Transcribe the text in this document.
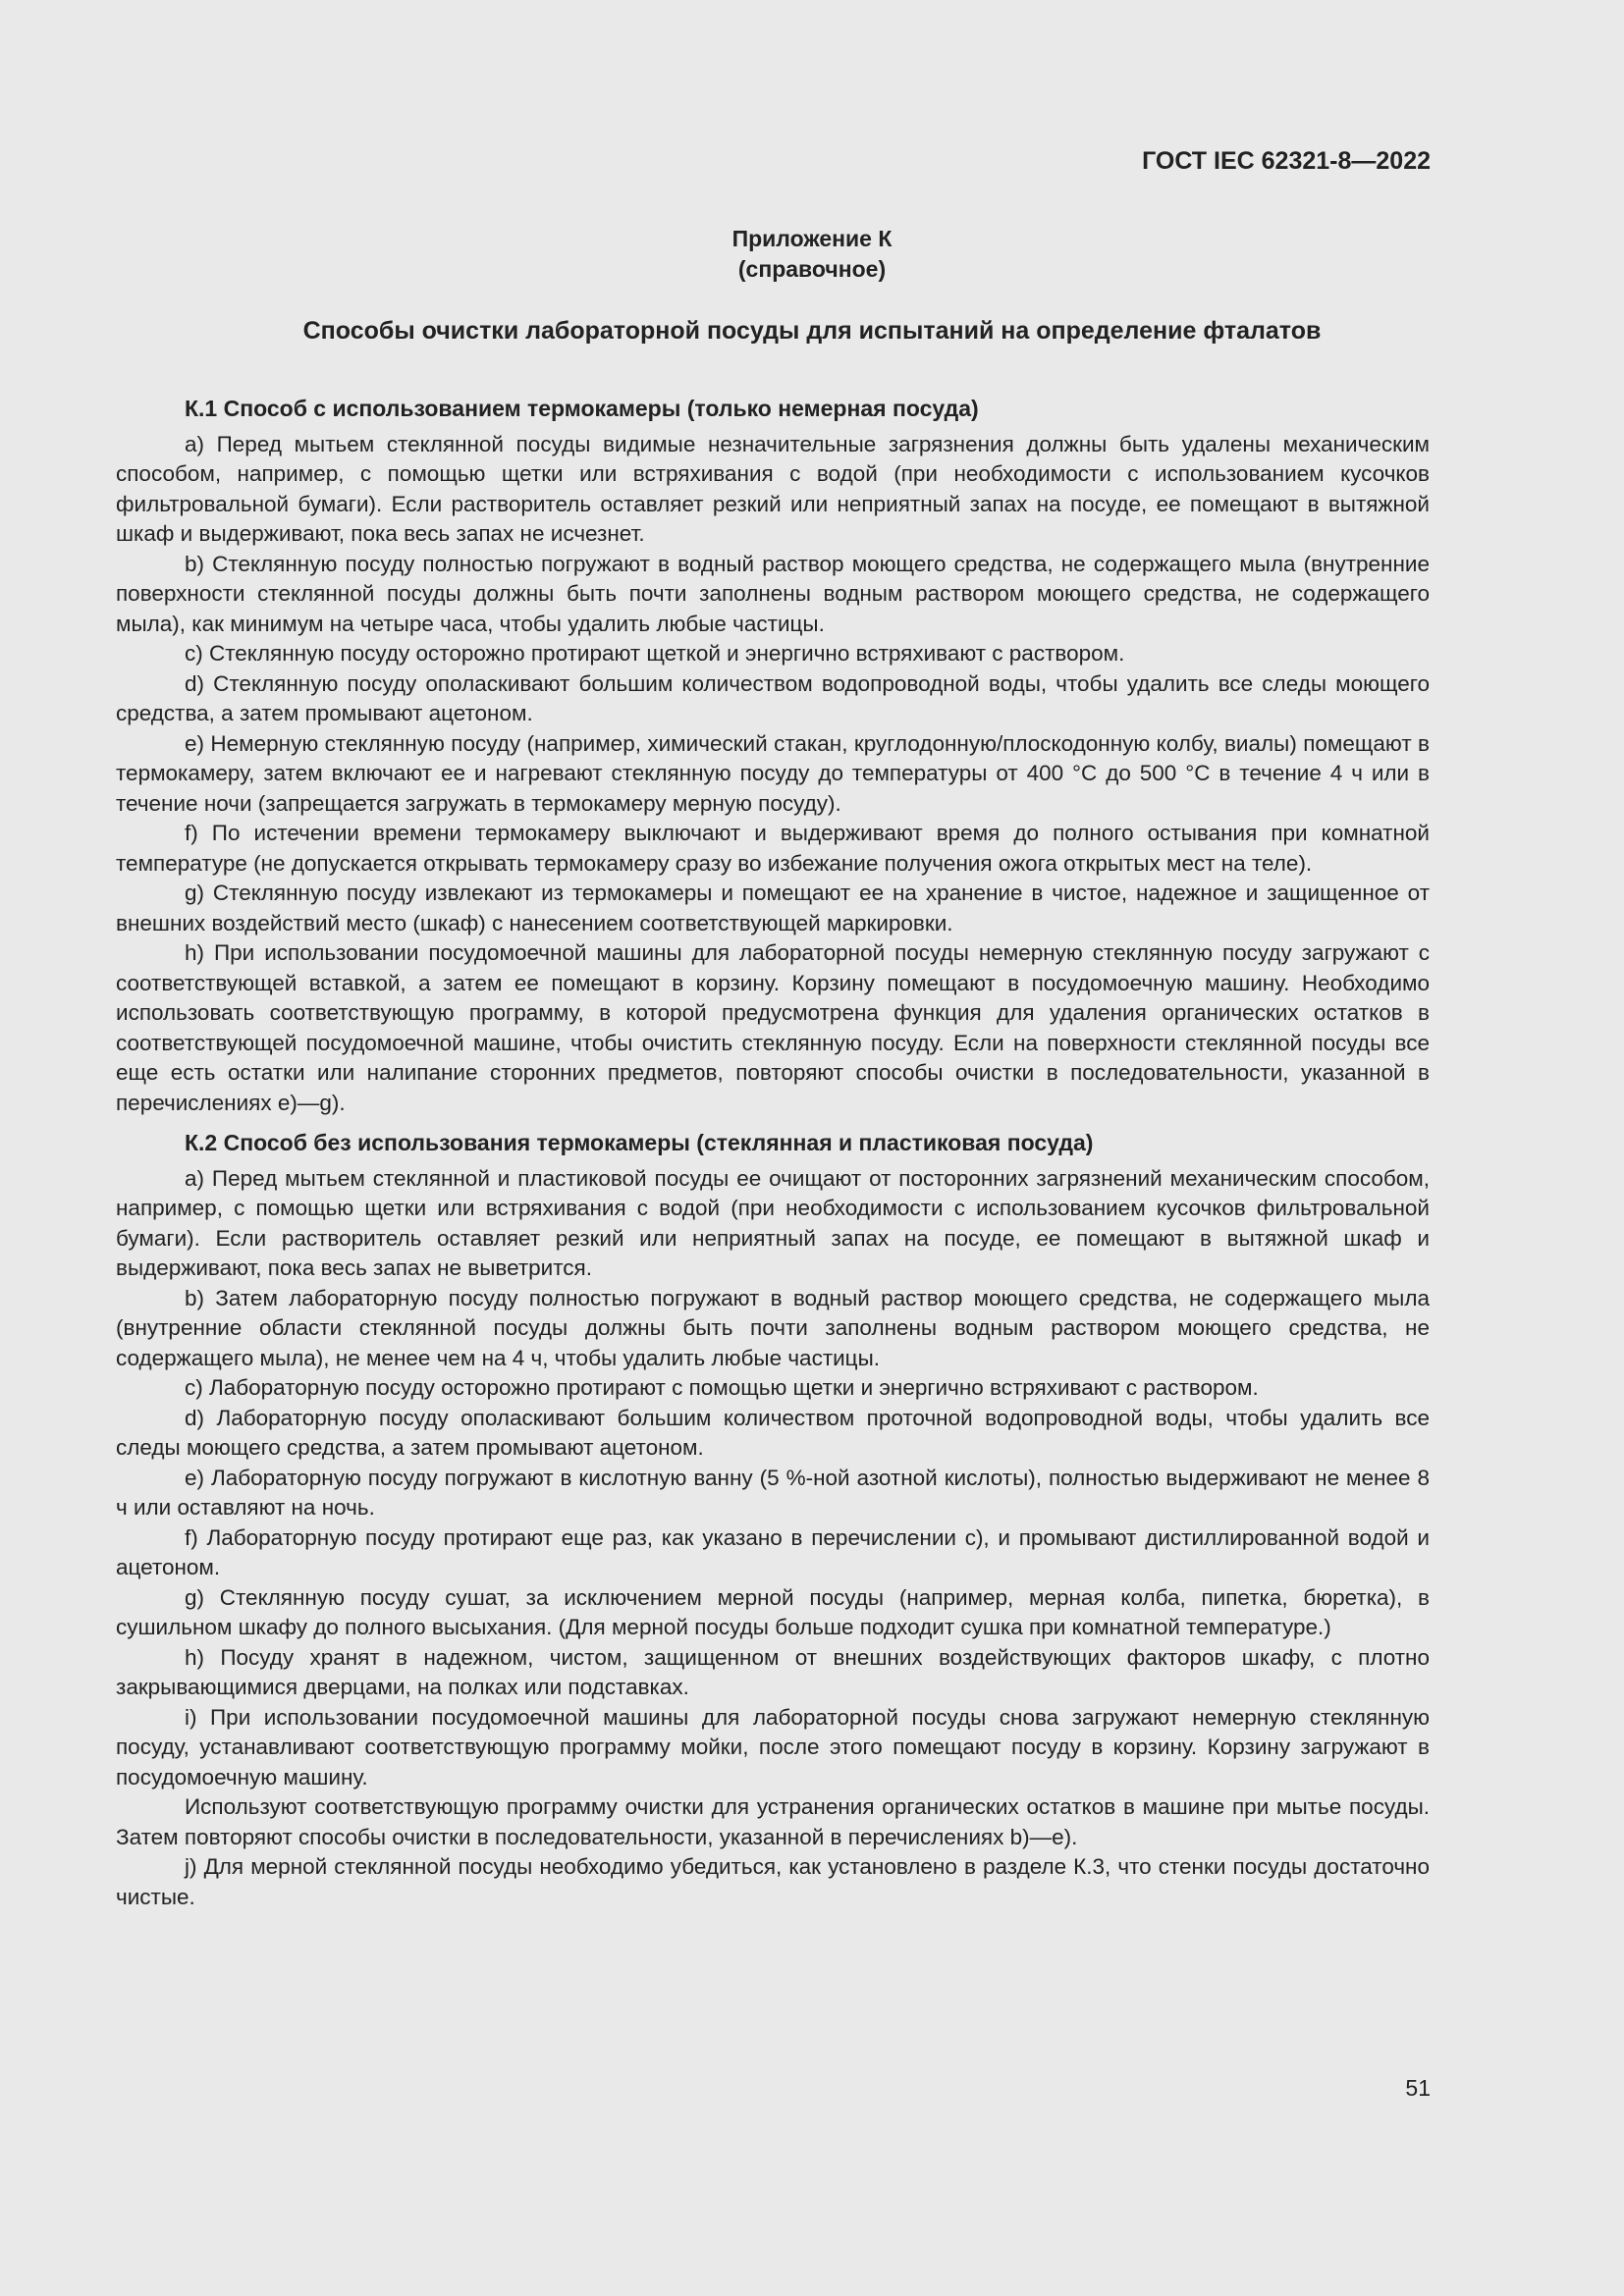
ГОСТ IEC 62321-8—2022

Приложение К
(справочное)

Способы очистки лабораторной посуды для испытаний на определение фталатов

К.1 Способ с использованием термокамеры (только немерная посуда)

a) Перед мытьем стеклянной посуды видимые незначительные загрязнения должны быть удалены механическим способом, например, с помощью щетки или встряхивания с водой (при необходимости с использованием кусочков фильтровальной бумаги). Если растворитель оставляет резкий или неприятный запах на посуде, ее помещают в вытяжной шкаф и выдерживают, пока весь запах не исчезнет.

b) Стеклянную посуду полностью погружают в водный раствор моющего средства, не содержащего мыла (внутренние поверхности стеклянной посуды должны быть почти заполнены водным раствором моющего средства, не содержащего мыла), как минимум на четыре часа, чтобы удалить любые частицы.

c) Стеклянную посуду осторожно протирают щеткой и энергично встряхивают с раствором.

d) Стеклянную посуду ополаскивают большим количеством водопроводной воды, чтобы удалить все следы моющего средства, а затем промывают ацетоном.

e) Немерную стеклянную посуду (например, химический стакан, круглодонную/плоскодонную колбу, виалы) помещают в термокамеру, затем включают ее и нагревают стеклянную посуду до температуры от 400 °С до 500 °С в течение 4 ч или в течение ночи (запрещается загружать в термокамеру мерную посуду).

f) По истечении времени термокамеру выключают и выдерживают время до полного остывания при комнатной температуре (не допускается открывать термокамеру сразу во избежание получения ожога открытых мест на теле).

g) Стеклянную посуду извлекают из термокамеры и помещают ее на хранение в чистое, надежное и защищенное от внешних воздействий место (шкаф) с нанесением соответствующей маркировки.

h) При использовании посудомоечной машины для лабораторной посуды немерную стеклянную посуду загружают с соответствующей вставкой, а затем ее помещают в корзину. Корзину помещают в посудомоечную машину. Необходимо использовать соответствующую программу, в которой предусмотрена функция для удаления органических остатков в соответствующей посудомоечной машине, чтобы очистить стеклянную посуду. Если на поверхности стеклянной посуды все еще есть остатки или налипание сторонних предметов, повторяют способы очистки в последовательности, указанной в перечислениях e)—g).

К.2 Способ без использования термокамеры (стеклянная и пластиковая посуда)

a) Перед мытьем стеклянной и пластиковой посуды ее очищают от посторонних загрязнений механическим способом, например, с помощью щетки или встряхивания с водой (при необходимости с использованием кусочков фильтровальной бумаги). Если растворитель оставляет резкий или неприятный запах на посуде, ее помещают в вытяжной шкаф и выдерживают, пока весь запах не выветрится.

b) Затем лабораторную посуду полностью погружают в водный раствор моющего средства, не содержащего мыла (внутренние области стеклянной посуды должны быть почти заполнены водным раствором моющего средства, не содержащего мыла), не менее чем на 4 ч, чтобы удалить любые частицы.

c) Лабораторную посуду осторожно протирают с помощью щетки и энергично встряхивают с раствором.

d) Лабораторную посуду ополаскивают большим количеством проточной водопроводной воды, чтобы удалить все следы моющего средства, а затем промывают ацетоном.

e) Лабораторную посуду погружают в кислотную ванну (5 %-ной азотной кислоты), полностью выдерживают не менее 8 ч или оставляют на ночь.

f) Лабораторную посуду протирают еще раз, как указано в перечислении c), и промывают дистиллированной водой и ацетоном.

g) Стеклянную посуду сушат, за исключением мерной посуды (например, мерная колба, пипетка, бюретка), в сушильном шкафу до полного высыхания. (Для мерной посуды больше подходит сушка при комнатной температуре.)

h) Посуду хранят в надежном, чистом, защищенном от внешних воздействующих факторов шкафу, с плотно закрывающимися дверцами, на полках или подставках.

i) При использовании посудомоечной машины для лабораторной посуды снова загружают немерную стеклянную посуду, устанавливают соответствующую программу мойки, после этого помещают посуду в корзину. Корзину загружают в посудомоечную машину.

Используют соответствующую программу очистки для устранения органических остатков в машине при мытье посуды. Затем повторяют способы очистки в последовательности, указанной в перечислениях b)—e).

j) Для мерной стеклянной посуды необходимо убедиться, как установлено в разделе К.3, что стенки посуды достаточно чистые.

51
